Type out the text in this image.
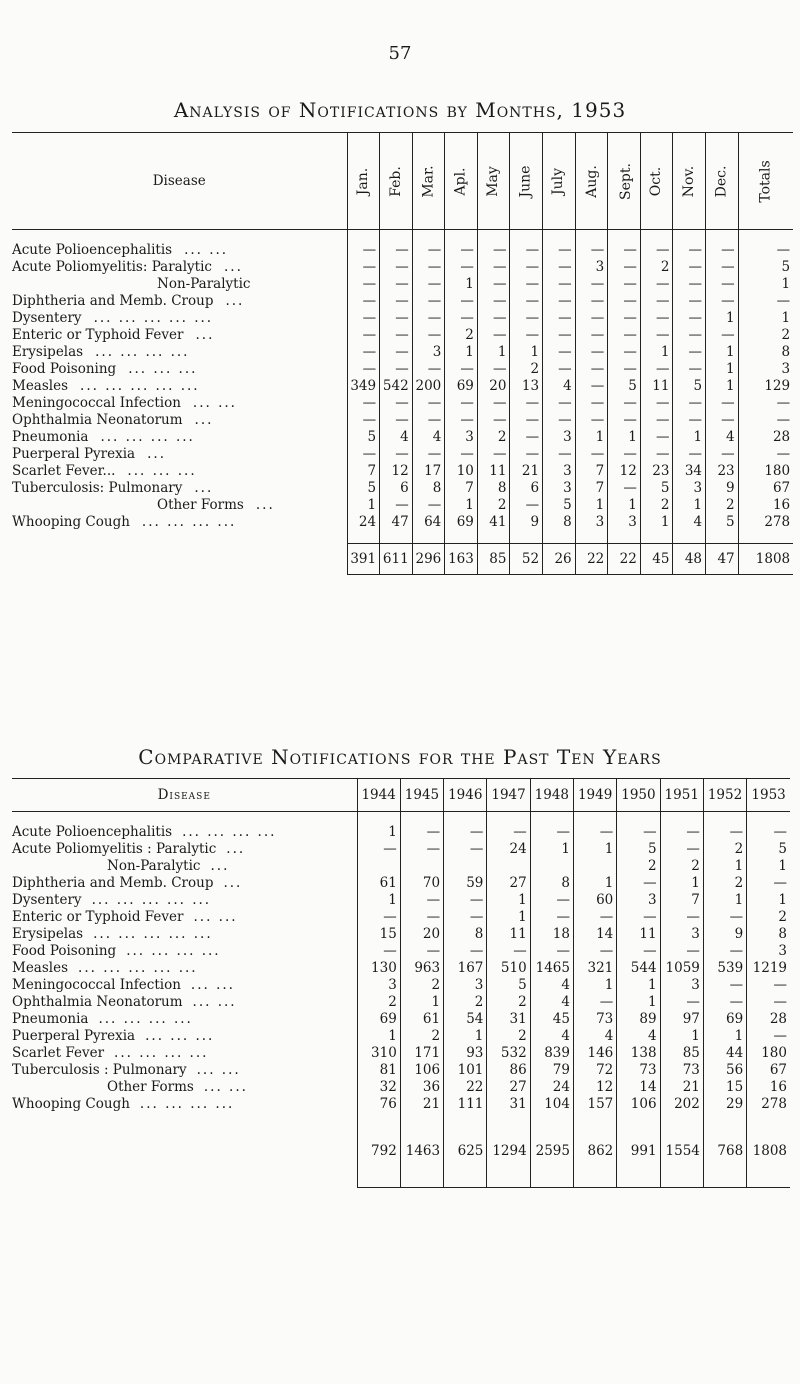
57
Analysis of Notifications by Months, 1953
Disease	Jan.	Feb.	Mar.	Apl.	May	June	July	Aug.	Sept.	Oct.	Nov.	Dec.	Totals

Acute Polioencephalitis ... ...	—	—	—	—	—	—	—	—	—	—	—	—	—
Acute Poliomyelitis: Paralytic ...	—	—	—	—	—	—	—	3	—	2	—	—	5
Non-Paralytic	—	—	—	1	—	—	—	—	—	—	—	—	1
Diphtheria and Memb. Croup ...	—	—	—	—	—	—	—	—	—	—	—	—	—
Dysentery ... ... ... ... ...	—	—	—	—	—	—	—	—	—	—	—	1	1
Enteric or Typhoid Fever ...	—	—	—	2	—	—	—	—	—	—	—	—	2
Erysipelas ... ... ... ...	—	—	3	1	1	1	—	—	—	1	—	1	8
Food Poisoning ... ... ...	—	—	—	—	—	2	—	—	—	—	—	1	3
Measles ... ... ... ... ...	349	542	200	69	20	13	4	—	5	11	5	1	129
Meningococcal Infection ... ...	—	—	—	—	—	—	—	—	—	—	—	—	—
Ophthalmia Neonatorum ...	—	—	—	—	—	—	—	—	—	—	—	—	—
Pneumonia ... ... ... ...	5	4	4	3	2	—	3	1	1	—	1	4	28
Puerperal Pyrexia ...	—	—	—	—	—	—	—	—	—	—	—	—	—
Scarlet Fever... ... ... ...	7	12	17	10	11	21	3	7	12	23	34	23	180
Tuberculosis: Pulmonary ...	5	6	8	7	8	6	3	7	—	5	3	9	67
Other Forms ...	1	—	—	1	2	—	5	1	1	2	1	2	16
Whooping Cough ... ... ... ...	24	47	64	69	41	9	8	3	3	1	4	5	278

	391	611	296	163	85	52	26	22	22	45	48	47	1808
Comparative Notifications for the Past Ten Years
Disease	1944	1945	1946	1947	1948	1949	1950	1951	1952	1953

Acute Polioencephalitis ... ... ... ...	1	—	—	—	—	—	—	—	—	—
Acute Poliomyelitis : Paralytic ...	—	—	—	24	1	1	5	—	2	5
Non-Paralytic ...							2	2	1	1
Diphtheria and Memb. Croup ...	61	70	59	27	8	1	—	1	2	—
Dysentery ... ... ... ... ...	1	—	—	1	—	60	3	7	1	1
Enteric or Typhoid Fever ... ...	—	—	—	1	—	—	—	—	—	2
Erysipelas ... ... ... ... ...	15	20	8	11	18	14	11	3	9	8
Food Poisoning ... ... ... ...	—	—	—	—	—	—	—	—	—	3
Measles ... ... ... ... ...	130	963	167	510	1465	321	544	1059	539	1219
Meningococcal Infection ... ...	3	2	3	5	4	1	1	3	—	—
Ophthalmia Neonatorum ... ...	2	1	2	2	4	—	1	—	—	—
Pneumonia ... ... ... ...	69	61	54	31	45	73	89	97	69	28
Puerperal Pyrexia ... ... ...	1	2	1	2	4	4	4	1	1	—
Scarlet Fever ... ... ... ...	310	171	93	532	839	146	138	85	44	180
Tuberculosis : Pulmonary ... ...	81	106	101	86	79	72	73	73	56	67
Other Forms ... ...	32	36	22	27	24	12	14	21	15	16
Whooping Cough ... ... ... ...	76	21	111	31	104	157	106	202	29	278

	792	1463	625	1294	2595	862	991	1554	768	1808
